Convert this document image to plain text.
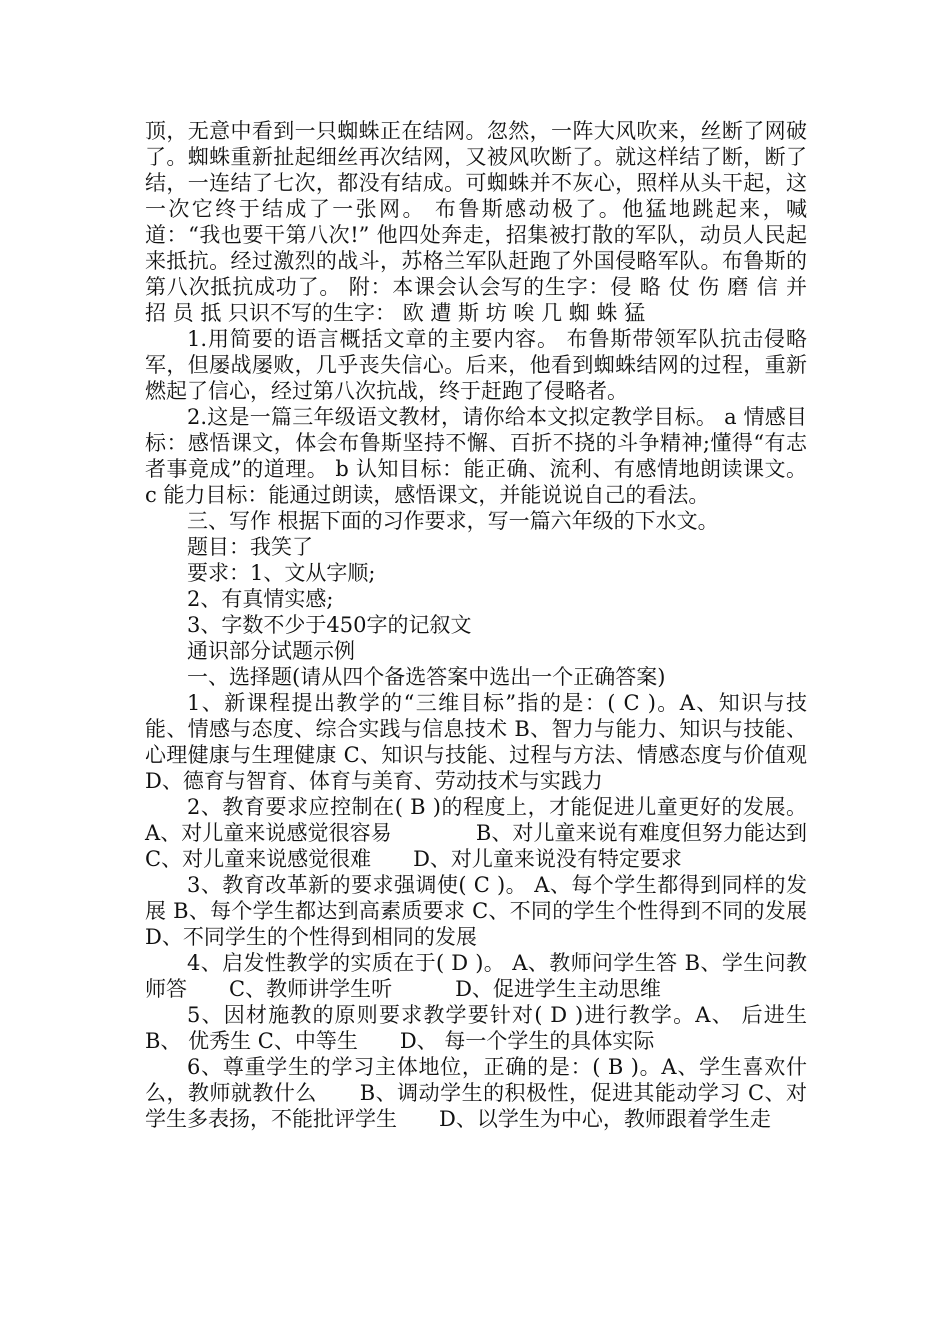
顶，无意中看到一只蜘蛛正在结网。忽然，一阵大风吹来，丝断了网破了。蜘蛛重新扯起细丝再次结网，又被风吹断了。就这样结了断，断了结，一连结了七次，都没有结成。可蜘蛛并不灰心，照样从头干起，这一次它终于结成了一张网。 布鲁斯感动极了。他猛地跳起来，喊道：“我也要干第八次!” 他四处奔走，招集被打散的军队，动员人民起来抵抗。经过激烈的战斗，苏格兰军队赶跑了外国侵略军队。布鲁斯的第八次抵抗成功了。 附：本课会认会写的生字：侵 略 仗 伤 磨 信 并 招 员 抵 只识不写的生字： 欧 遭 斯 坊 唉 几 蜘 蛛 猛

1.用简要的语言概括文章的主要内容。 布鲁斯带领军队抗击侵略军，但屡战屡败，几乎丧失信心。后来，他看到蜘蛛结网的过程，重新燃起了信心，经过第八次抗战，终于赶跑了侵略者。

2.这是一篇三年级语文教材，请你给本文拟定教学目标。 a 情感目标：感悟课文，体会布鲁斯坚持不懈、百折不挠的斗争精神;懂得“有志者事竟成”的道理。 b 认知目标：能正确、流利、有感情地朗读课文。 c 能力目标：能通过朗读，感悟课文，并能说说自己的看法。

三、写作 根据下面的习作要求，写一篇六年级的下水文。

题目：我笑了

要求：1、文从字顺;

2、有真情实感;

3、字数不少于450字的记叙文

通识部分试题示例

一、选择题(请从四个备选答案中选出一个正确答案)

1、新课程提出教学的“三维目标”指的是：( C )。A、知识与技能、情感与态度、综合实践与信息技术 B、智力与能力、知识与技能、心理健康与生理健康 C、知识与技能、过程与方法、情感态度与价值观 D、德育与智育、体育与美育、劳动技术与实践力

2、教育要求应控制在( B )的程度上，才能促进儿童更好的发展。 A、对儿童来说感觉很容易　　　　B、对儿童来说有难度但努力能达到 C、对儿童来说感觉很难　　D、对儿童来说没有特定要求

3、教育改革新的要求强调使( C )。 A、每个学生都得到同样的发展 B、每个学生都达到高素质要求 C、不同的学生个性得到不同的发展 D、不同学生的个性得到相同的发展

4、启发性教学的实质在于( D )。 A、教师问学生答 B、学生问教师答　　C、教师讲学生听　　　D、促进学生主动思维

5、因材施教的原则要求教学要针对( D )进行教学。A、 后进生 B、 优秀生 C、中等生　　D、 每一个学生的具体实际

6、尊重学生的学习主体地位，正确的是：( B )。A、学生喜欢什么，教师就教什么　　B、调动学生的积极性，促进其能动学习 C、对学生多表扬，不能批评学生　　D、以学生为中心，教师跟着学生走
